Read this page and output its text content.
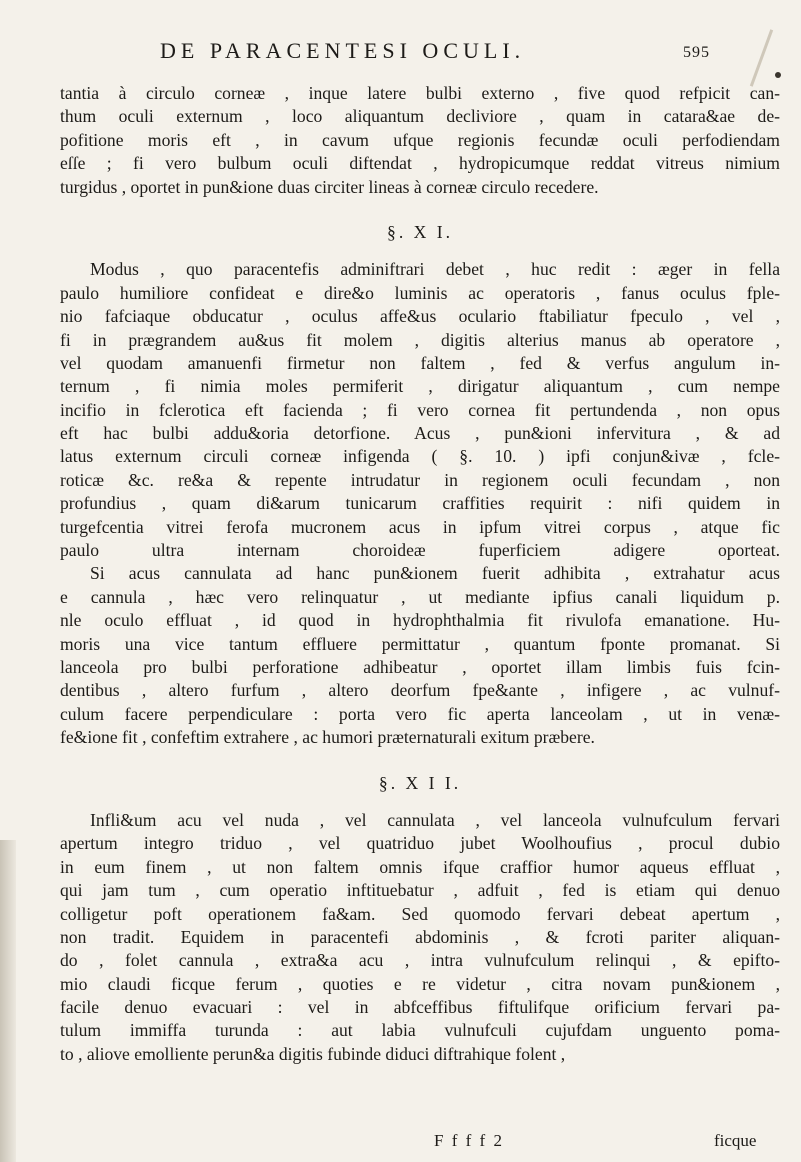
DE PARACENTESI OCULI.	595
tantia à circulo corneæ , inque latere bulbi externo , five quod refpicit can-
thum oculi externum , loco aliquantum decliviore , quam in catara&ae de-
pofitione moris eft , in cavum ufque regionis fecundæ oculi perfodiendam
eſſe ; fi vero bulbum oculi diftendat , hydropicumque reddat vitreus nimium
turgidus , oportet in pun&ione duas circiter lineas à corneæ circulo recedere.
§. X I.
Modus , quo paracentefis adminiftrari debet , huc redit : æger in fella
paulo humiliore confideat e dire&o luminis ac operatoris , fanus oculus fple-
nio fafciaque obducatur , oculus affe&us oculario ftabiliatur fpeculo , vel ,
fi in prægrandem au&us fit molem , digitis alterius manus ab operatore ,
vel quodam amanuenfi firmetur non faltem , fed & verfus angulum in-
ternum , fi nimia moles permiferit , dirigatur aliquantum , cum nempe
incifio in fclerotica eft facienda ; fi vero cornea fit pertundenda , non opus
eft hac bulbi addu&oria detorfione. Acus , pun&ioni infervitura , & ad
latus externum circuli corneæ infigenda ( §. 10. ) ipfi conjun&ivæ , fcle-
roticæ &c. re&a & repente intrudatur in regionem oculi fecundam , non
profundius , quam di&arum tunicarum craffities requirit : nifi quidem in
turgefcentia vitrei ferofa mucronem acus in ipfum vitrei corpus , atque fic
paulo ultra internam choroideæ fuperficiem adigere oporteat.
Si acus cannulata ad hanc pun&ionem fuerit adhibita , extrahatur acus
e cannula , hæc vero relinquatur , ut mediante ipfius canali liquidum p.
nle oculo effluat , id quod in hydrophthalmia fit rivulofa emanatione. Hu-
moris una vice tantum effluere permittatur , quantum fponte promanat. Si
lanceola pro bulbi perforatione adhibeatur , oportet illam limbis fuis fcin-
dentibus , altero furfum , altero deorfum fpe&ante , infigere , ac vulnuf-
culum facere perpendiculare : porta vero fic aperta lanceolam , ut in venæ-
fe&ione fit , confeftim extrahere , ac humori præternaturali exitum præbere.
§. X I I.
Infli&um acu vel nuda , vel cannulata , vel lanceola vulnufculum fervari
apertum integro triduo , vel quatriduo jubet Woolhoufius , procul dubio
in eum finem , ut non faltem omnis ifque craffior humor aqueus effluat ,
qui jam tum , cum operatio inftituebatur , adfuit , fed is etiam qui denuo
colligetur poft operationem fa&am. Sed quomodo fervari debeat apertum ,
non tradit. Equidem in paracentefi abdominis , & fcroti pariter aliquan-
do , folet cannula , extra&a acu , intra vulnufculum relinqui , & epifto-
mio claudi ficque ferum , quoties e re videtur , citra novam pun&ionem ,
facile denuo evacuari : vel in abfceffibus fiftulifque orificium fervari pa-
tulum immiffa turunda : aut labia vulnufculi cujufdam unguento poma-
to , aliove emolliente perun&a digitis fubinde diduci diftrahique folent ,
F f f f 2	ficque
